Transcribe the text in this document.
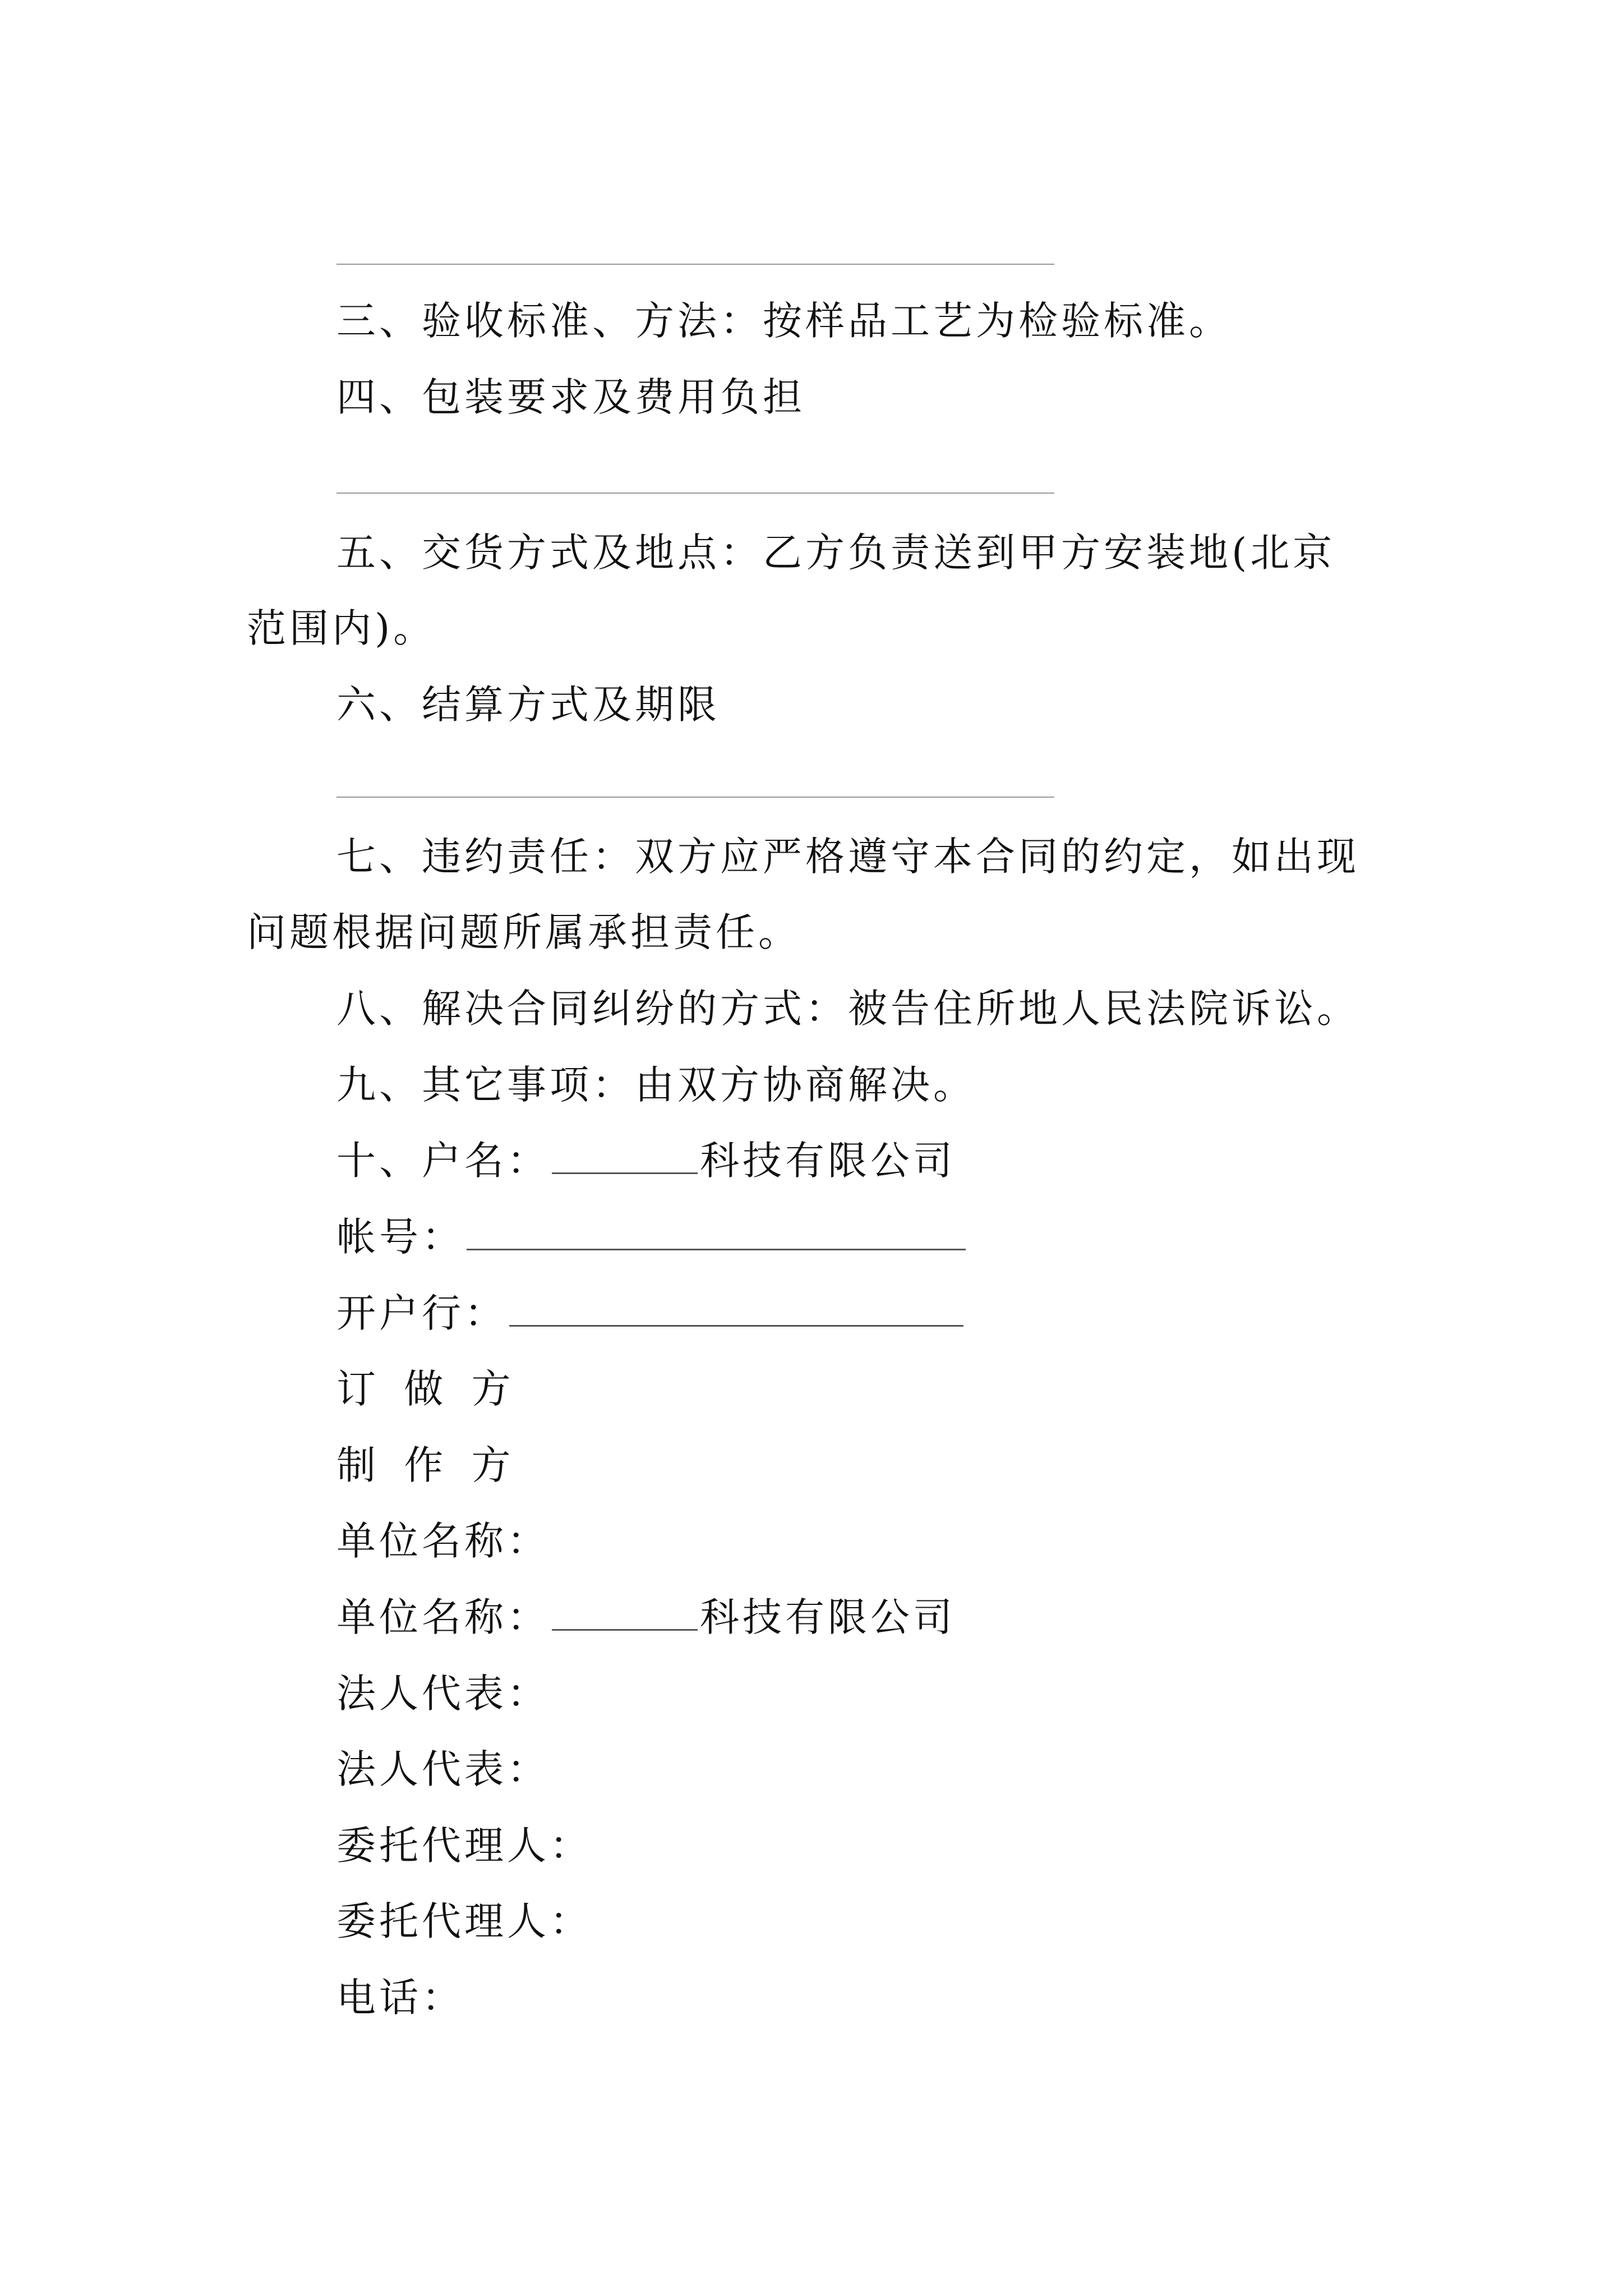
三、验收标准、方法：按样品工艺为检验标准。
四、包装要求及费用负担
五、交货方式及地点：乙方负责送到甲方安装地(北京
范围内)。
六、结算方式及期限
七、违约责任：双方应严格遵守本合同的约定，如出现
问题根据问题所属承担责任。
八、解决合同纠纷的方式：被告住所地人民法院诉讼。
九、其它事项：由双方协商解决。
十、户名：	科技有限公司
帐号：
开户行：
订 做 方
制 作 方
单位名称：
单位名称：	科技有限公司
法人代表：
法人代表：
委托代理人：
委托代理人：
电话：
